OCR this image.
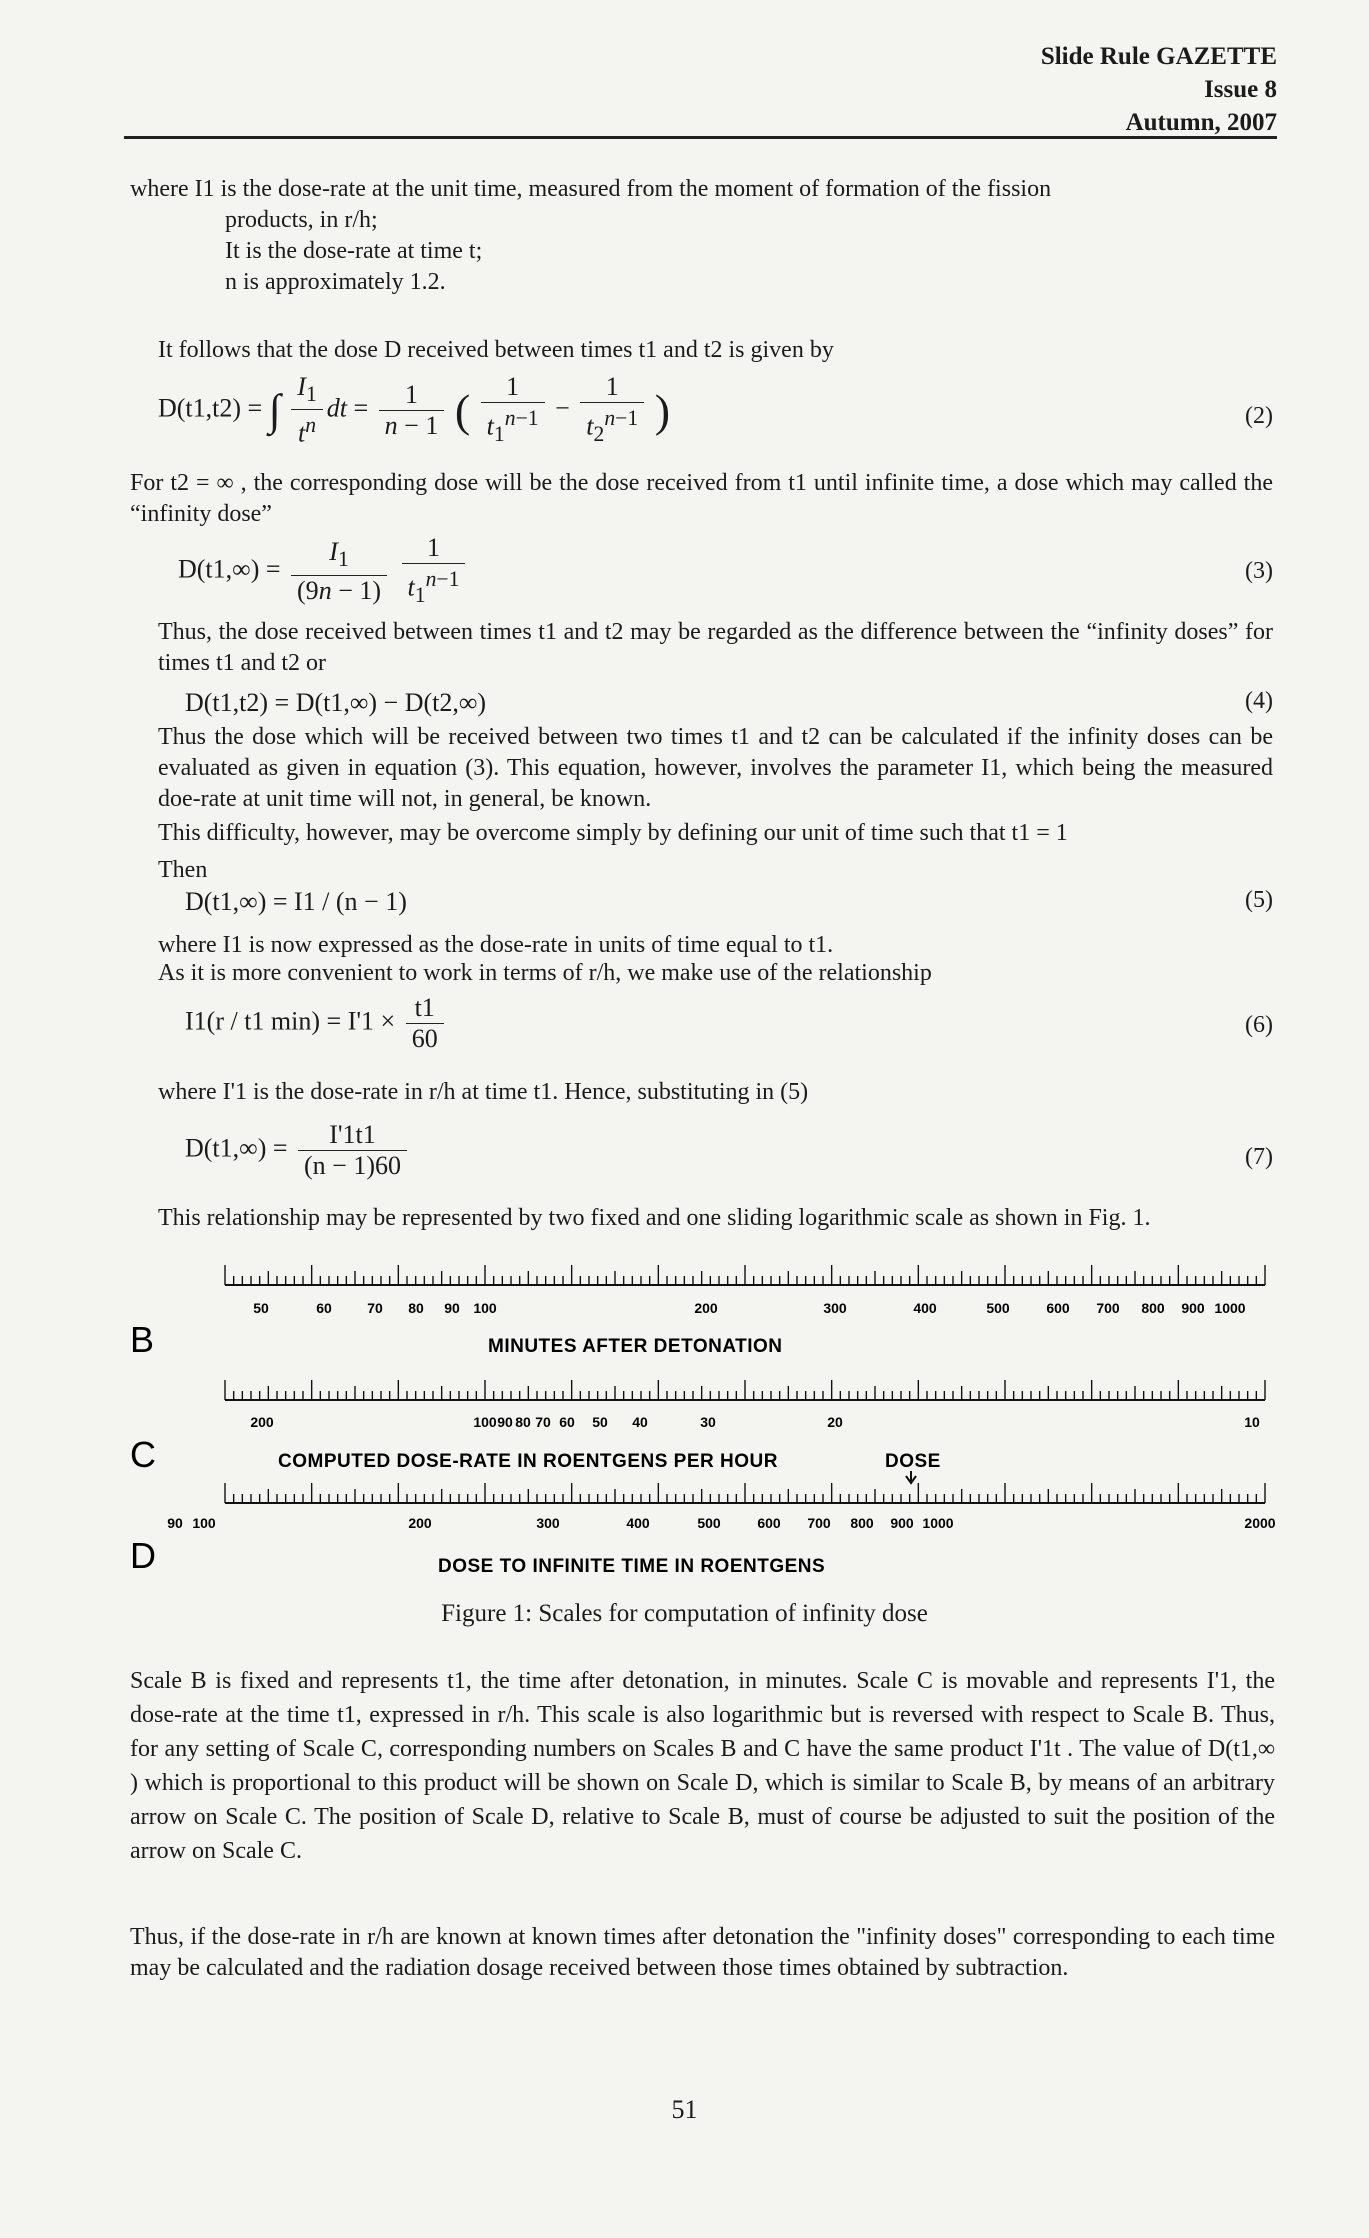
Slide Rule GAZETTE
Issue 8
Autumn, 2007
where I1 is the dose-rate at the unit time, measured from the moment of formation of the fission
products, in r/h;
It is the dose-rate at time t;
n is approximately 1.2.
It follows that the dose D received between times t1 and t2 is given by
D(t1,t2) = ∫ $\frac{I_1}{t^n}$ dt = $\frac{1}{n - 1}$ ( $\frac{1}{t_1^{n-1}} - \frac{1}{t_2^{n-1}}$ )	(2)
For t2 = ∞ , the corresponding dose will be the dose received from t1 until infinite time, a dose which may called the “infinity dose”
$D(t1,\infty) = \frac{I_1}{(9n - 1)}$
$\frac{1}{t_1^{n-1}}$	(3)
Thus, the dose received between times t1 and t2 may be regarded as the difference between the “infinity doses” for times t1 and t2 or
D(t1,t2) = D(t1,∞) − D(t2,∞)	(4)
Thus the dose which will be received between two times t1 and t2 can be calculated if the infinity doses can be evaluated as given in equation (3). This equation, however, involves the parameter I1, which being the measured doe-rate at unit time will not, in general, be known.
This difficulty, however, may be overcome simply by defining our unit of time such that t1 = 1
Then
D(t1,∞) = I1 / (n − 1)	(5)
where I1 is now expressed as the dose-rate in units of time equal to t1.
As it is more convenient to work in terms of r/h, we make use of the relationship
I1(r / t1 $\min) = I'1 \times \frac{t1}{60}$	(6)
where I'1 is the dose-rate in r/h at time t1. Hence, substituting in (5)
$D(t1,\infty) = \frac{I'1t1}{(n - 1)60}$	(7)
This relationship may be represented by two fixed and one sliding logarithmic scale as shown in Fig. 1.
50	60	70 80 90 100	200	300	400	500	600 700 800 900 1000
B	MINUTES AFTER DETONATION
200	100 90 80 70 60 50 40	30	20	10
C	COMPUTED DOSE-RATE IN ROENTGENS PER HOUR	DOSE
90 100	200	300	400	500	600 700 800 900 1000	2000
D	DOSE TO INFINITE TIME IN ROENTGENS
Figure 1: Scales for computation of infinity dose
Scale B is fixed and represents t1, the time after detonation, in minutes. Scale C is movable and represents I'1, the dose-rate at the time t1, expressed in r/h. This scale is also logarithmic but is reversed with respect to Scale B. Thus, for any setting of Scale C, corresponding numbers on Scales B and C have the same product I'1t . The value of D(t1,∞ ) which is proportional to this product will be shown on Scale D, which is similar to Scale B, by means of an arbitrary arrow on Scale C. The position of Scale D, relative to Scale B, must of course be adjusted to suit the position of the arrow on Scale C.
Thus, if the dose-rate in r/h are known at known times after detonation the "infinity doses" corresponding to each time may be calculated and the radiation dosage received between those times obtained by subtraction.
51
